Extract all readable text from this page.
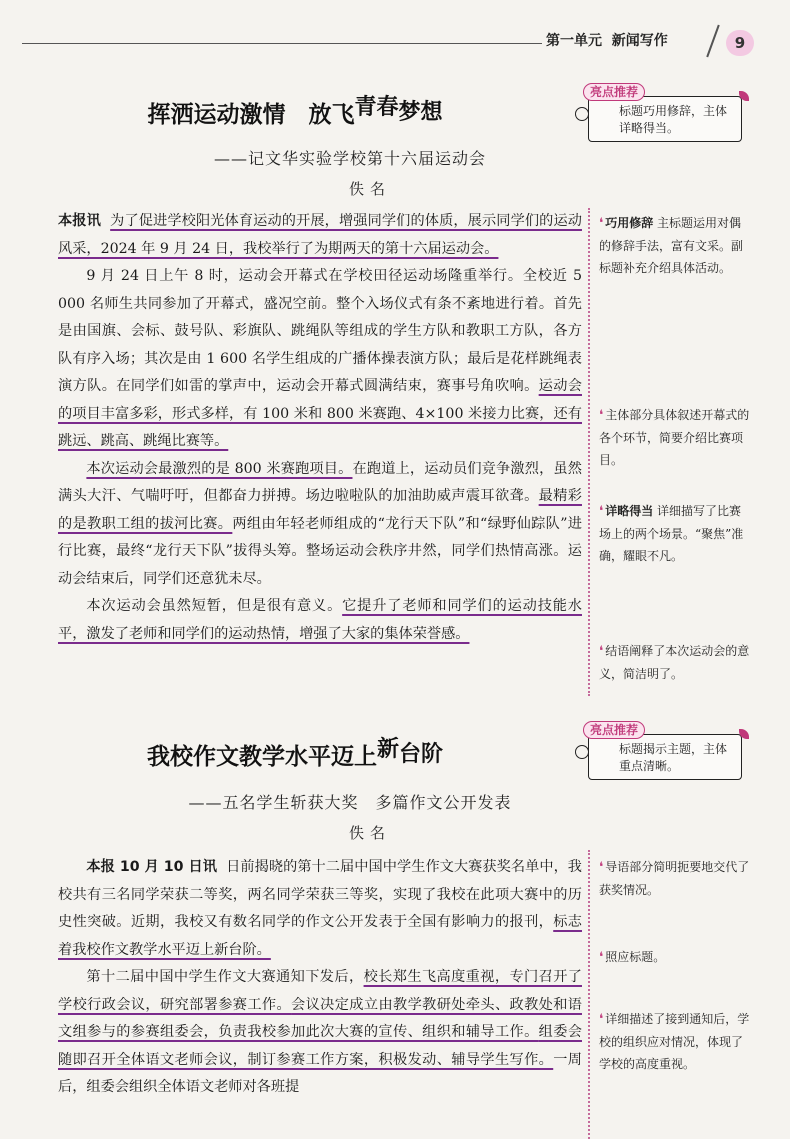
第一单元 新闻写作	9
挥洒运动激情　放飞青春梦想
亮点推荐
标题巧用修辞，主体详略得当。
——记文华实验学校第十六届运动会
佚名

本报讯 为了促进学校阳光体育运动的开展，增强同学们的体质，展示同学们的运动风采，2024 年 9 月 24 日，我校举行了为期两天的第十六届运动会。

9 月 24 日上午 8 时，运动会开幕式在学校田径运动场隆重举行。全校近 5 000 名师生共同参加了开幕式，盛况空前。整个入场仪式有条不紊地进行着。首先是由国旗、会标、鼓号队、彩旗队、跳绳队等组成的学生方队和教职工方队，各方队有序入场；其次是由 1 600 名学生组成的广播体操表演方队；最后是花样跳绳表演方队。在同学们如雷的掌声中，运动会开幕式圆满结束，赛事号角吹响。运动会的项目丰富多彩，形式多样，有 100 米和 800 米赛跑、4×100 米接力比赛，还有跳远、跳高、跳绳比赛等。

本次运动会最激烈的是 800 米赛跑项目。在跑道上，运动员们竞争激烈，虽然满头大汗、气喘吁吁，但都奋力拼搏。场边啦啦队的加油助威声震耳欲聋。最精彩的是教职工组的拔河比赛。两组由年轻老师组成的“龙行天下队”和“绿野仙踪队”进行比赛，最终“龙行天下队”拔得头筹。整场运动会秩序井然，同学们热情高涨。运动会结束后，同学们还意犹未尽。

本次运动会虽然短暂，但是很有意义。它提升了老师和同学们的运动技能水平，激发了老师和同学们的运动热情，增强了大家的集体荣誉感。

❛ 巧用修辞 主标题运用对偶的修辞手法，富有文采。副标题补充介绍具体活动。
❛ 主体部分具体叙述开幕式的各个环节，简要介绍比赛项目。
❛ 详略得当 详细描写了比赛场上的两个场景。“聚焦”准确，耀眼不凡。
❛ 结语阐释了本次运动会的意义，简洁明了。
我校作文教学水平迈上新台阶
亮点推荐
标题揭示主题，主体重点清晰。
——五名学生斩获大奖　多篇作文公开发表
佚名

本报 10 月 10 日讯 日前揭晓的第十二届中国中学生作文大赛获奖名单中，我校共有三名同学荣获二等奖，两名同学荣获三等奖，实现了我校在此项大赛中的历史性突破。近期，我校又有数名同学的作文公开发表于全国有影响力的报刊，标志着我校作文教学水平迈上新台阶。

第十二届中国中学生作文大赛通知下发后，校长郑生飞高度重视，专门召开了学校行政会议，研究部署参赛工作。会议决定成立由教学教研处牵头、政教处和语文组参与的参赛组委会，负责我校参加此次大赛的宣传、组织和辅导工作。组委会随即召开全体语文老师会议，制订参赛工作方案，积极发动、辅导学生写作。一周后，组委会组织全体语文老师对各班提

❛ 导语部分简明扼要地交代了获奖情况。
❛ 照应标题。
❛ 详细描述了接到通知后，学校的组织应对情况，体现了学校的高度重视。
